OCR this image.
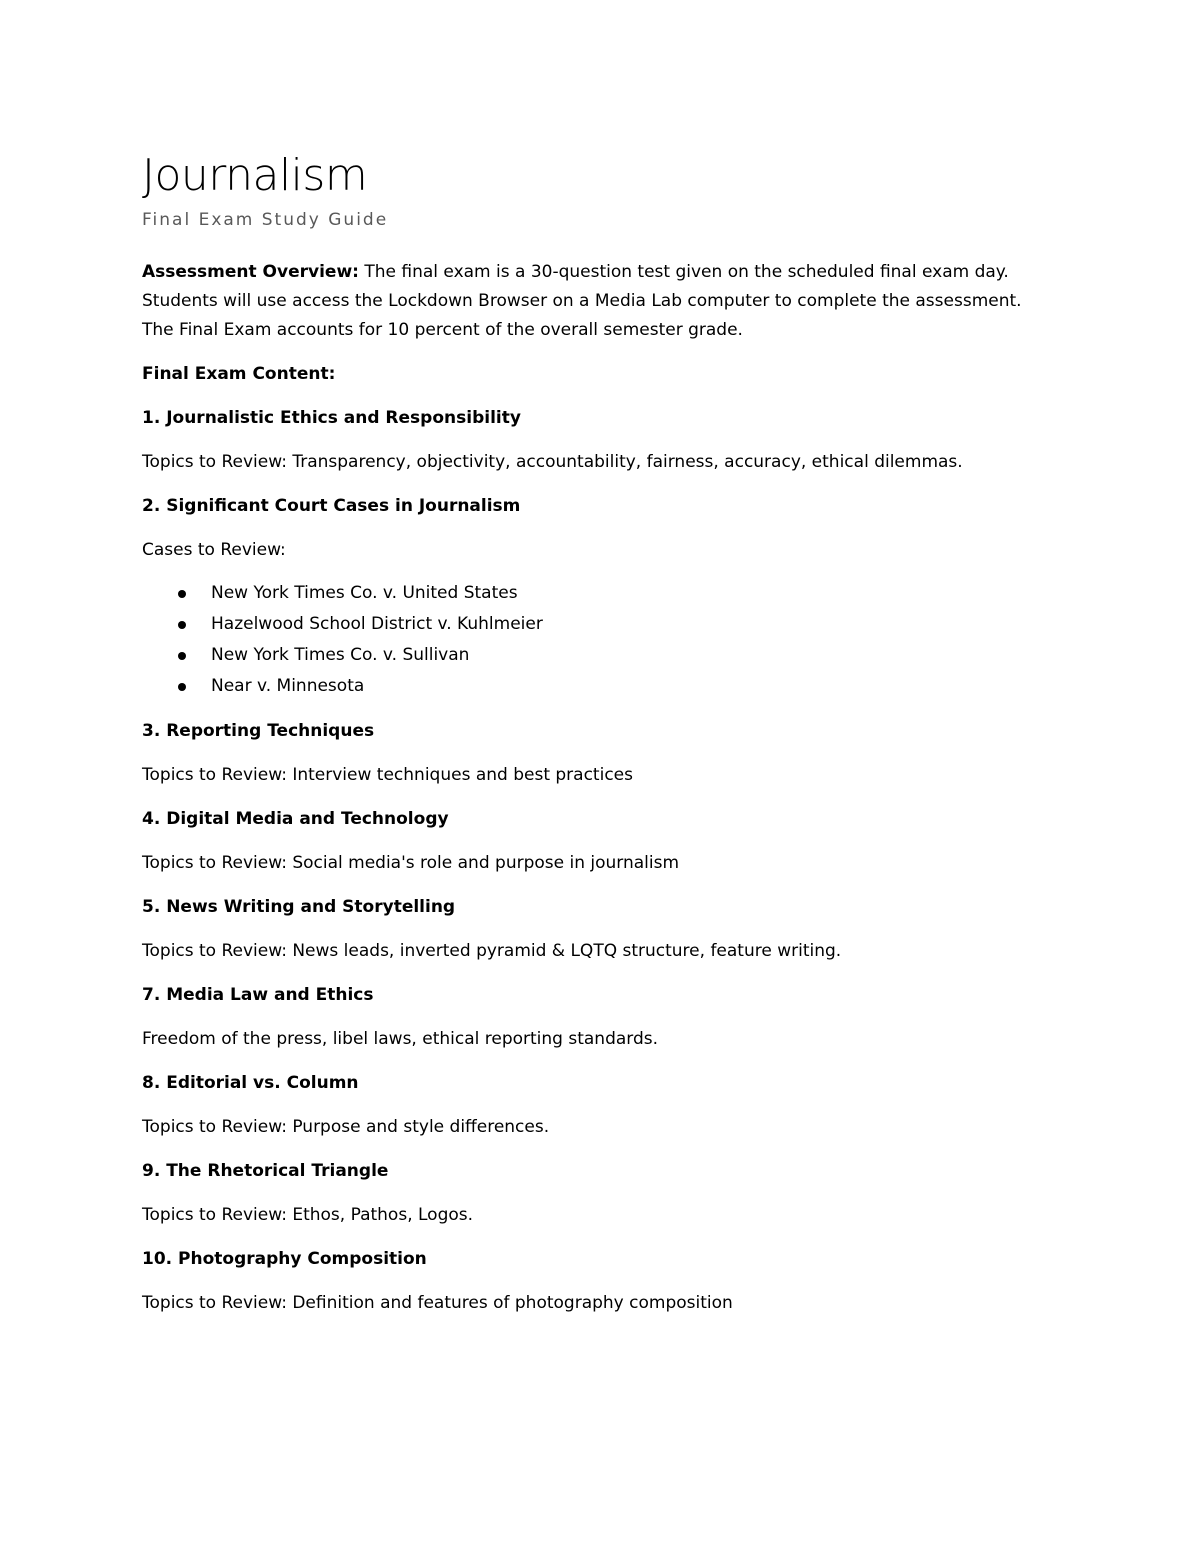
Journalism
Final Exam Study Guide

Assessment Overview: The final exam is a 30-question test given on the scheduled final exam day.

Students will use access the Lockdown Browser on a Media Lab computer to complete the assessment.

The Final Exam accounts for 10 percent of the overall semester grade.

Final Exam Content:

1. Journalistic Ethics and Responsibility

Topics to Review: Transparency, objectivity, accountability, fairness, accuracy, ethical dilemmas.

2. Significant Court Cases in Journalism

Cases to Review:

New York Times Co. v. United States
Hazelwood School District v. Kuhlmeier
New York Times Co. v. Sullivan
Near v. Minnesota

3. Reporting Techniques

Topics to Review: Interview techniques and best practices

4. Digital Media and Technology

Topics to Review: Social media's role and purpose in journalism

5. News Writing and Storytelling

Topics to Review: News leads, inverted pyramid & LQTQ structure, feature writing.

7. Media Law and Ethics

Freedom of the press, libel laws, ethical reporting standards.

8. Editorial vs. Column

Topics to Review: Purpose and style differences.

9. The Rhetorical Triangle

Topics to Review: Ethos, Pathos, Logos.

10. Photography Composition

Topics to Review: Definition and features of photography composition
